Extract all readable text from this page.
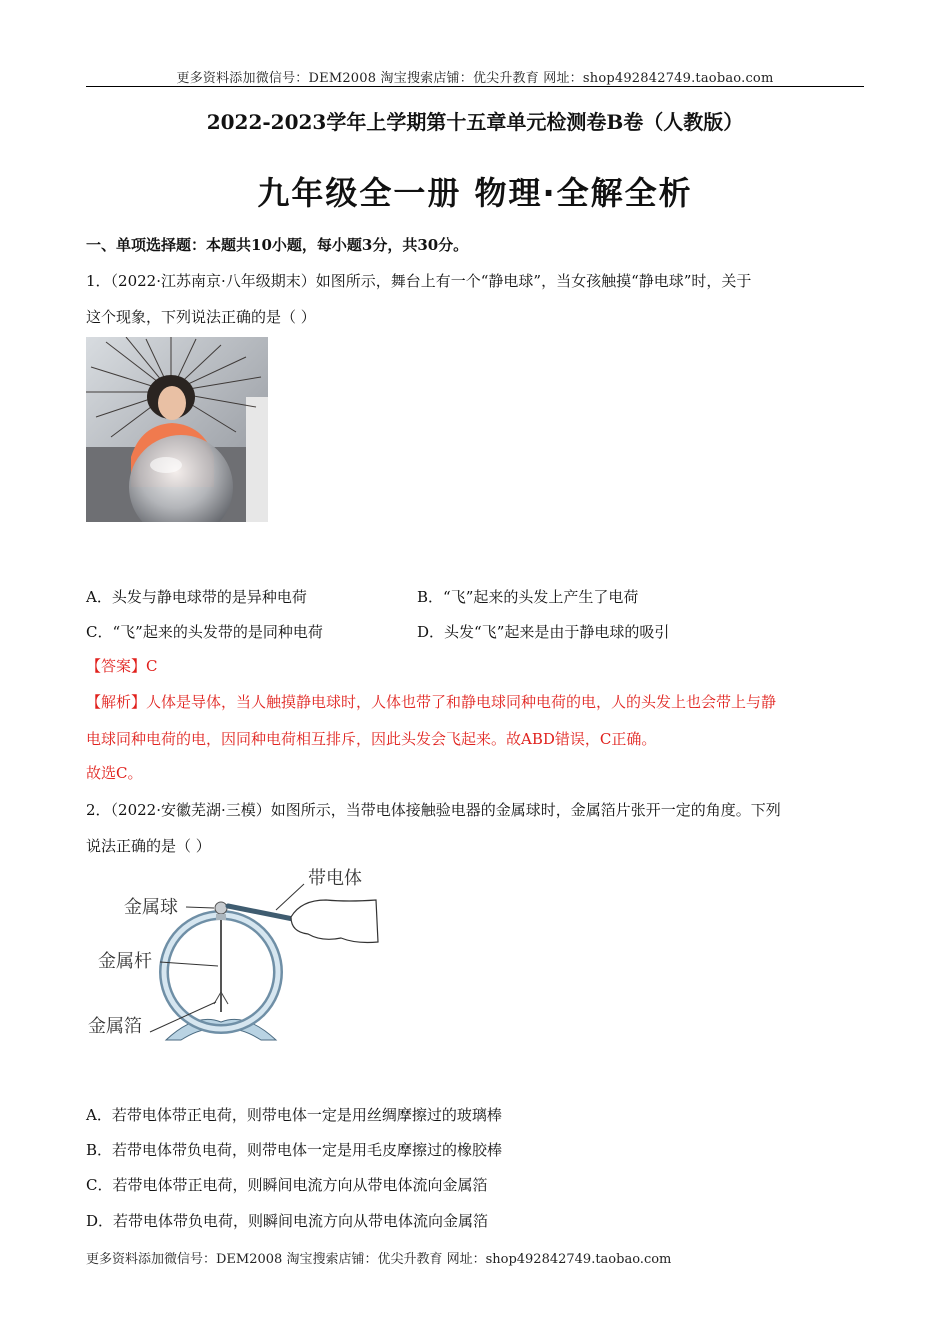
更多资料添加微信号：DEM2008 淘宝搜索店铺：优尖升教育 网址：shop492842749.taobao.com
2022-2023学年上学期第十五章单元检测卷B卷（人教版）
九年级全一册 物理·全解全析
一、单项选择题：本题共10小题，每小题3分，共30分。
1．（2022·江苏南京·八年级期末）如图所示，舞台上有一个“静电球”，当女孩触摸“静电球”时，关于
这个现象，下列说法正确的是（ ）
A．头发与静电球带的是异种电荷	B．“飞”起来的头发上产生了电荷
C．“飞”起来的头发带的是同种电荷	D．头发“飞”起来是由于静电球的吸引
【答案】C
【解析】人体是导体，当人触摸静电球时，人体也带了和静电球同种电荷的电，人的头发上也会带上与静
电球同种电荷的电，因同种电荷相互排斥，因此头发会飞起来。故ABD错误，C正确。
故选C。
2．（2022·安徽芜湖·三模）如图所示，当带电体接触验电器的金属球时，金属箔片张开一定的角度。下列
说法正确的是（ ）
带电体
金属球
金属杆
金属箔
A．若带电体带正电荷，则带电体一定是用丝绸摩擦过的玻璃棒
B．若带电体带负电荷，则带电体一定是用毛皮摩擦过的橡胶棒
C．若带电体带正电荷，则瞬间电流方向从带电体流向金属箔
D．若带电体带负电荷，则瞬间电流方向从带电体流向金属箔
更多资料添加微信号：DEM2008 淘宝搜索店铺：优尖升教育 网址：shop492842749.taobao.com
